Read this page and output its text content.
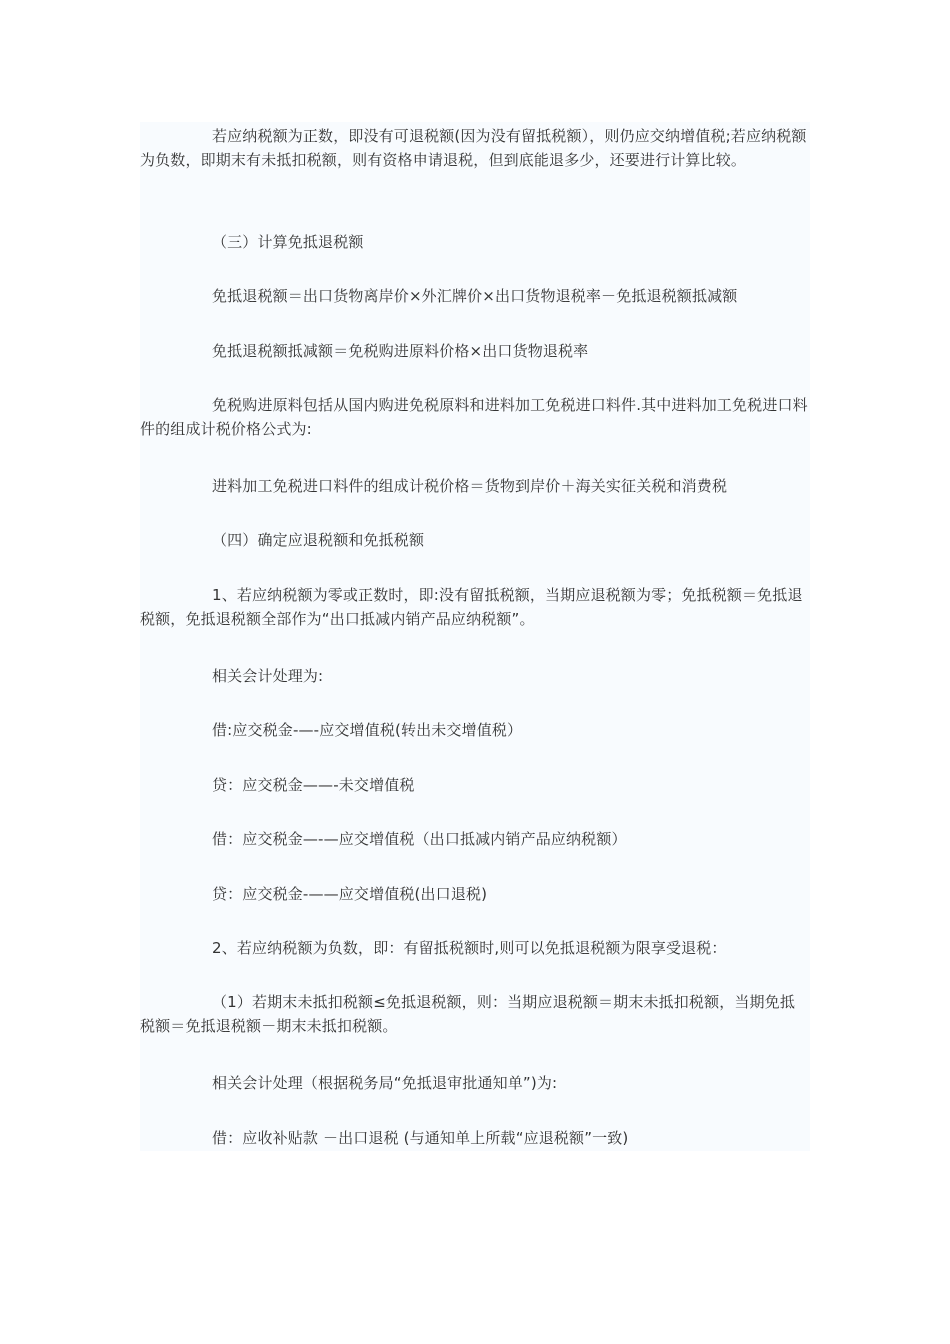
若应纳税额为正数，即没有可退税额(因为没有留抵税额），则仍应交纳增值税;若应纳税额为负数，即期末有未抵扣税额，则有资格申请退税，但到底能退多少，还要进行计算比较。

（三）计算免抵退税额

免抵退税额＝出口货物离岸价×外汇牌价×出口货物退税率－免抵退税额抵减额

免抵退税额抵减额＝免税购进原料价格×出口货物退税率

免税购进原料包括从国内购进免税原料和进料加工免税进口料件.其中进料加工免税进口料件的组成计税价格公式为:

进料加工免税进口料件的组成计税价格＝货物到岸价＋海关实征关税和消费税

（四）确定应退税额和免抵税额

1、若应纳税额为零或正数时，即:没有留抵税额，当期应退税额为零；免抵税额＝免抵退税额，免抵退税额全部作为“出口抵减内销产品应纳税额”。

相关会计处理为:

借:应交税金-—-应交增值税(转出未交增值税）

贷：应交税金——-未交增值税

借：应交税金—-—应交增值税（出口抵减内销产品应纳税额）

贷：应交税金-——应交增值税(出口退税)

2、若应纳税额为负数，即：有留抵税额时,则可以免抵退税额为限享受退税：

（1）若期末未抵扣税额≤免抵退税额，则：当期应退税额＝期末未抵扣税额，当期免抵税额＝免抵退税额－期末未抵扣税额。

相关会计处理（根据税务局“免抵退审批通知单”)为:

借：应收补贴款 －出口退税 (与通知单上所载“应退税额”一致)
